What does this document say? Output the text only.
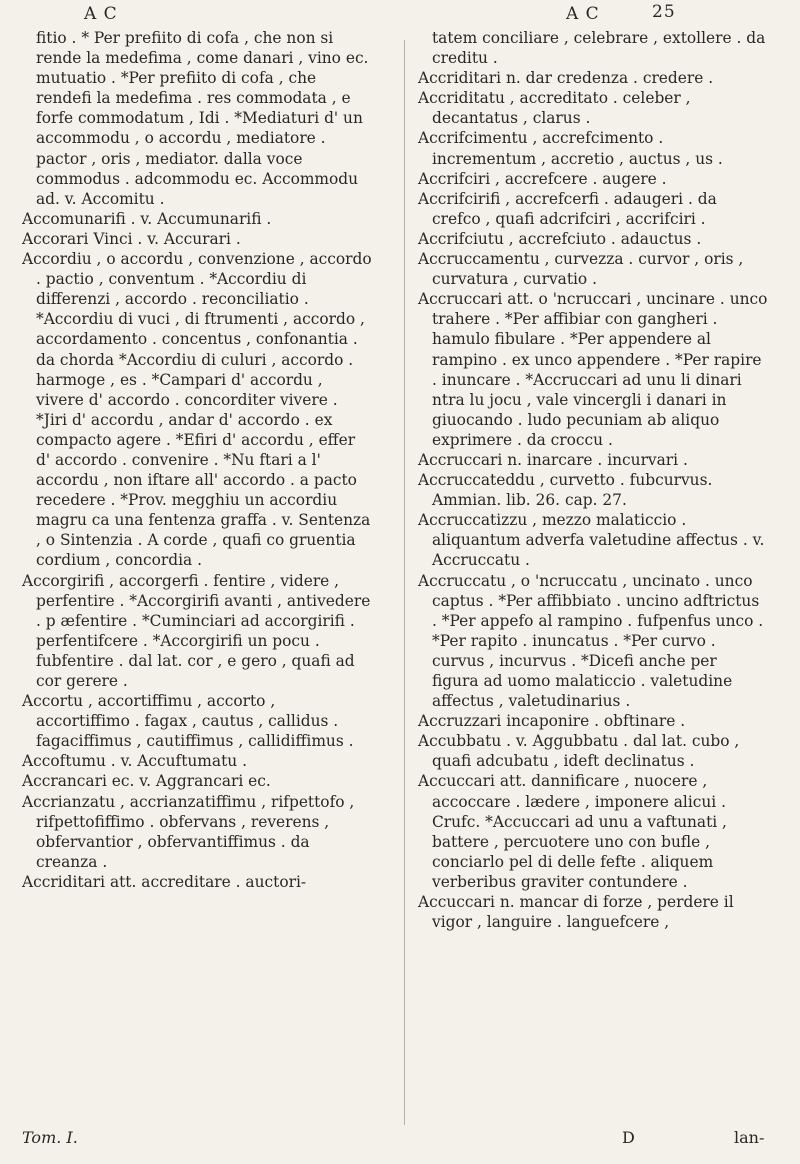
A C	A C	25

fitio . * Per prefiito di cofa , che non si rende la medefima , come danari , vino ec. mutuatio . *Per prefiito di cofa , che rendefi la medefima . res commodata , e forfe commodatum , Idi . *Mediaturi d' un accommodu , o accordu , mediatore . pactor , oris , mediator. dalla voce commodus . adcommodu ec. Accommodu ad. v. Accomitu .

Accomunarifi . v. Accumunarifi .

Accorari Vinci . v. Accurari .

Accordiu , o accordu , convenzione , accordo . pactio , conventum . *Accordiu di differenzi , accordo . reconciliatio . *Accordiu di vuci , di ftrumenti , accordo , accordamento . concentus , confonantia . da chorda *Accordiu di culuri , accordo . harmoge , es . *Campari d' accordu , vivere d' accordo . concorditer vivere . *Jiri d' accordu , andar d' accordo . ex compacto agere . *Efiri d' accordu , effer d' accordo . convenire . *Nu ftari a l' accordu , non iftare all' accordo . a pacto recedere . *Prov. megghiu un accordiu magru ca una fentenza graffa . v. Sentenza , o Sintenzia . A corde , quafi co gruentia cordium , concordia .

Accorgirifi , accorgerfi . fentire , videre , perfentire . *Accorgirifi avanti , antivedere . p æfentire . *Cuminciari ad accorgirifi . perfentifcere . *Accorgirifi un pocu . fubfentire . dal lat. cor , e gero , quafi ad cor gerere .

Accortu , accortiffimu , accorto , accortiffimo . fagax , cautus , callidus . fagaciffimus , cautiffimus , callidiffimus .

Accoftumu . v. Accuftumatu .

Accrancari ec. v. Aggrancari ec.

Accrianzatu , accrianzatiffimu , rifpettofo , rifpettofiffimo . obfervans , reverens , obfervantior , obfervantiffimus . da creanza .

Accriditari att. accreditare . auctori-

tatem conciliare , celebrare , extollere . da creditu .

Accriditari n. dar credenza . credere .

Accriditatu , accreditato . celeber , decantatus , clarus .

Accrifcimentu , accrefcimento . incrementum , accretio , auctus , us .

Accrifciri , accrefcere . augere .

Accrifcirifi , accrefcerfi . adaugeri . da crefco , quafi adcrifciri , accrifciri .

Accrifciutu , accrefciuto . adauctus .

Accruccamentu , curvezza . curvor , oris , curvatura , curvatio .

Accruccari att. o 'ncruccari , uncinare . unco trahere . *Per affibiar con gangheri . hamulo fibulare . *Per appendere al rampino . ex unco appendere . *Per rapire . inuncare . *Accruccari ad unu li dinari ntra lu jocu , vale vincergli i danari in giuocando . ludo pecuniam ab aliquo exprimere . da croccu .

Accruccari n. inarcare . incurvari .

Accruccateddu , curvetto . fubcurvus. Ammian. lib. 26. cap. 27.

Accruccatizzu , mezzo malaticcio . aliquantum adverfa valetudine affectus . v. Accruccatu .

Accruccatu , o 'ncruccatu , uncinato . unco captus . *Per affibbiato . uncino adftrictus . *Per appefo al rampino . fufpenfus unco . *Per rapito . inuncatus . *Per curvo . curvus , incurvus . *Dicefi anche per figura ad uomo malaticcio . valetudine affectus , valetudinarius .

Accruzzari incaponire . obftinare .

Accubbatu . v. Aggubbatu . dal lat. cubo , quafi adcubatu , ideft declinatus .

Accuccari att. dannificare , nuocere , accoccare . lædere , imponere alicui . Crufc. *Accuccari ad unu a vaftunati , battere , percuotere uno con bufle , conciarlo pel di delle fefte . aliquem verberibus graviter contundere .

Accuccari n. mancar di forze , perdere il vigor , languire . languefcere ,

Tom. I.	D	lan-
